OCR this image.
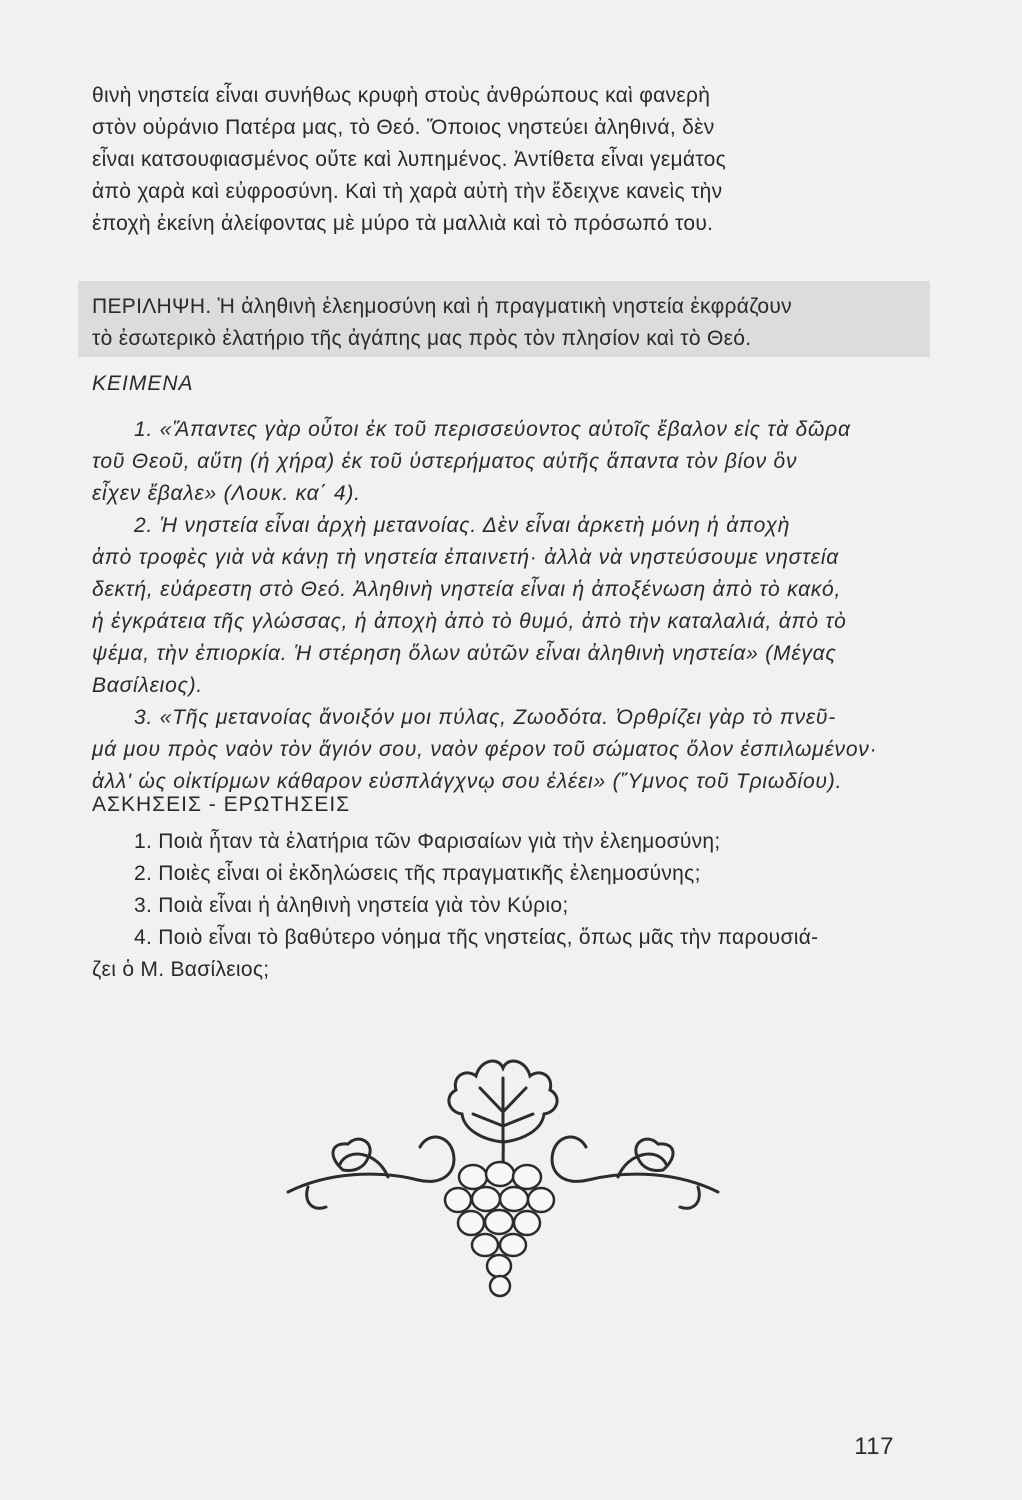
θινὴ νηστεία εἶναι συνήθως κρυφὴ στοὺς ἀνθρώπους καὶ φανερὴ

στὸν οὐράνιο Πατέρα μας, τὸ Θεό. Ὅποιος νηστεύει ἀληθινά, δὲν

εἶναι κατσουφιασμένος οὔτε καὶ λυπημένος. Ἀντίθετα εἶναι γεμάτος

ἀπὸ χαρὰ καὶ εὐφροσύνη. Καὶ τὴ χαρὰ αὐτὴ τὴν ἔδειχνε κανεὶς τὴν

ἐποχὴ ἐκείνη ἀλείφοντας μὲ μύρο τὰ μαλλιὰ καὶ τὸ πρόσωπό του.

ΠΕΡΙΛΗΨΗ. Ἡ ἀληθινὴ ἐλεημοσύνη καὶ ἡ πραγματικὴ νηστεία ἐκφράζουν
τὸ ἐσωτερικὸ ἐλατήριο τῆς ἀγάπης μας πρὸς τὸν πλησίον καὶ τὸ Θεό.
ΚΕΙΜΕΝΑ

1. «Ἅπαντες γὰρ οὗτοι ἐκ τοῦ περισσεύοντος αὐτοῖς ἔβαλον εἰς τὰ δῶρα

τοῦ Θεοῦ, αὕτη (ἡ χήρα) ἐκ τοῦ ὑστερήματος αὐτῆς ἅπαντα τὸν βίον ὃν
εἶχεν ἔβαλε» (Λουκ. κα΄ 4).

2. Ἡ νηστεία εἶναι ἀρχὴ μετανοίας. Δὲν εἶναι ἀρκετὴ μόνη ἡ ἀποχὴ

ἀπὸ τροφὲς γιὰ νὰ κάνῃ τὴ νηστεία ἐπαινετή· ἀλλὰ νὰ νηστεύσουμε νηστεία
δεκτή, εὐάρεστη στὸ Θεό. Ἀληθινὴ νηστεία εἶναι ἡ ἀποξένωση ἀπὸ τὸ κακό,
ἡ ἐγκράτεια τῆς γλώσσας, ἡ ἀποχὴ ἀπὸ τὸ θυμό, ἀπὸ τὴν καταλαλιά, ἀπὸ τὸ
ψέμα, τὴν ἐπιορκία. Ἡ στέρηση ὅλων αὐτῶν εἶναι ἀληθινὴ νηστεία» (Μέγας
Βασίλειος).

3. «Τῆς μετανοίας ἄνοιξόν μοι πύλας, Ζωοδότα. Ὀρθρίζει γὰρ τὸ πνεῦ-

μά μου πρὸς ναὸν τὸν ἅγιόν σου, ναὸν φέρον τοῦ σώματος ὅλον ἐσπιλωμένον·
ἀλλ' ὡς οἰκτίρμων κάθαρον εὐσπλάγχνῳ σου ἐλέει» (Ὕμνος τοῦ Τριωδίου).
ΑΣΚΗΣΕΙΣ - ΕΡΩΤΗΣΕΙΣ

1. Ποιὰ ἦταν τὰ ἐλατήρια τῶν Φαρισαίων γιὰ τὴν ἐλεημοσύνη;

2. Ποιὲς εἶναι οἱ ἐκδηλώσεις τῆς πραγματικῆς ἐλεημοσύνης;

3. Ποιὰ εἶναι ἡ ἀληθινὴ νηστεία γιὰ τὸν Κύριο;

4. Ποιὸ εἶναι τὸ βαθύτερο νόημα τῆς νηστείας, ὅπως μᾶς τὴν παρουσιά-

ζει ὁ Μ. Βασίλειος;
117
